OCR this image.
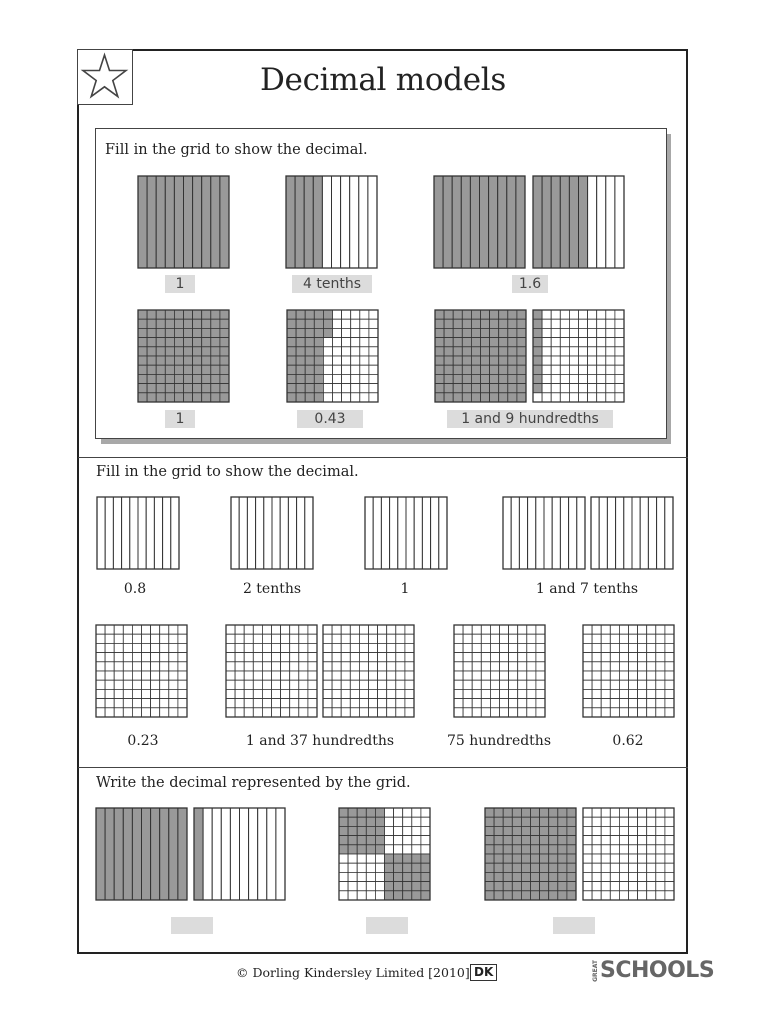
Decimal models
Fill in the grid to show the decimal.
1	4 tenths	1.6
1	0.43	1 and 9 hundredths
Fill in the grid to show the decimal.
0.8	2 tenths	1	1 and 7 tenths
0.23	1 and 37 hundredths	75 hundredths	0.62
Write the decimal represented by the grid.
© Dorling Kindersley Limited [2010] DK	GREATSCHOOLS
